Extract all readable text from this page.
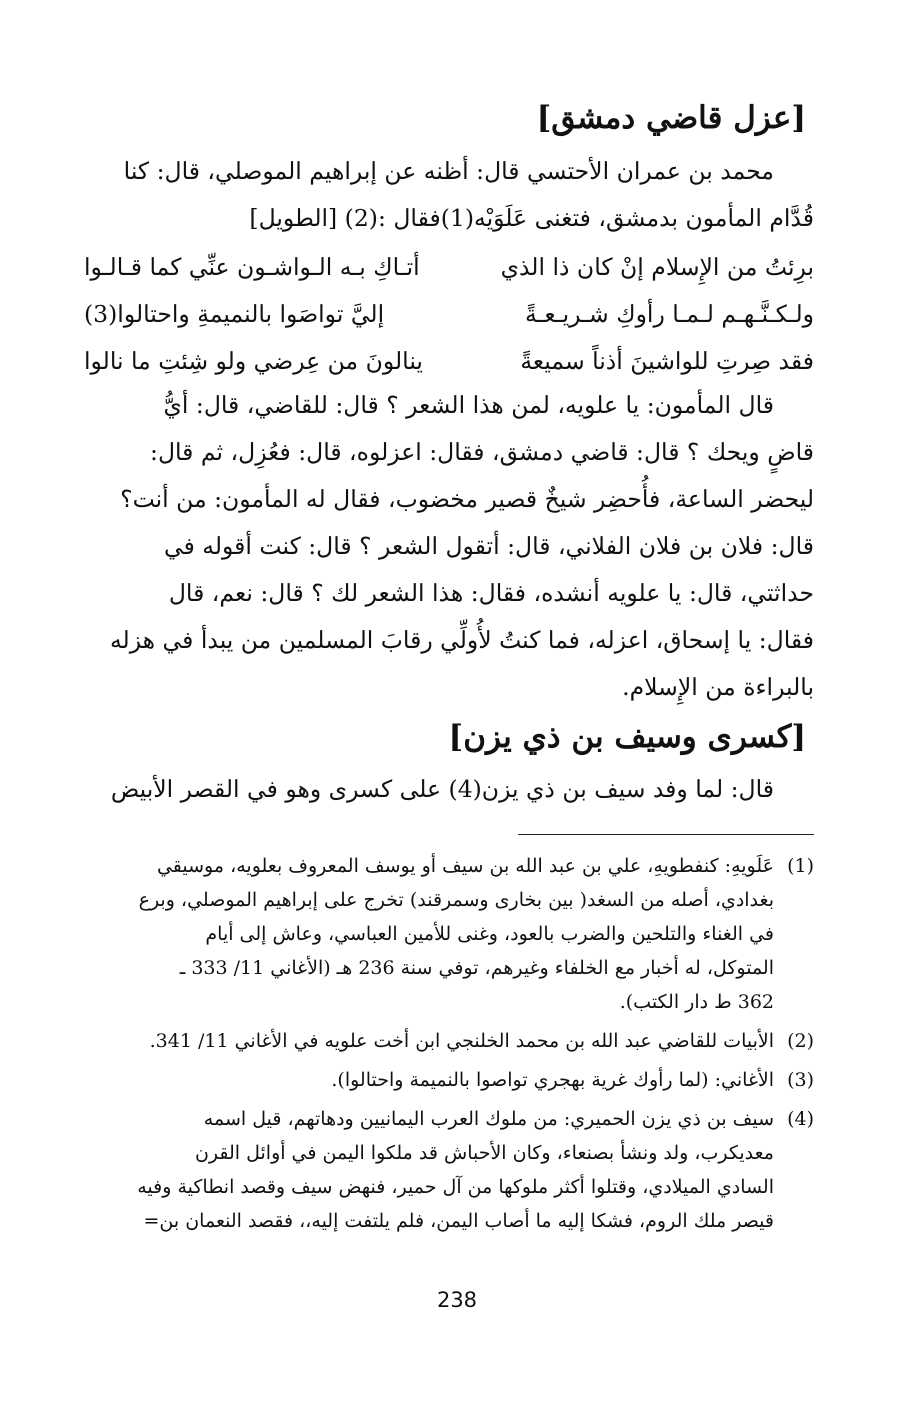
[عزل قاضي دمشق]
محمد بن عمران الأحتسي قال: أظنه عن إبراهيم الموصلي، قال: كنا
قُدَّام المأمون بدمشق، فتغنى عَلَوَيْه(1)فقال :(2) [الطويل]
برِئتُ من الإِسلام إنْ كان ذا الذي
أتـاكِ بـه الـواشـون عنِّي كما قـالـوا
ولـكـنَّـهـم لـمـا رأوكِ شـريـعـةً
إليَّ تواصَوا بالنميمةِ واحتالوا(3)
فقد صِرتِ للواشينَ أذناً سميعةً
ينالونَ من عِرضي ولو شِئتِ ما نالوا
قال المأمون: يا علويه، لمن هذا الشعر ؟ قال: للقاضي، قال: أيُّ
قاضٍ ويحك ؟ قال: قاضي دمشق، فقال: اعزلوه، قال: فعُزِل، ثم قال:
ليحضر الساعة، فأُحضِر شيخٌ قصير مخضوب، فقال له المأمون: من أنت؟
قال: فلان بن فلان الفلاني، قال: أتقول الشعر ؟ قال: كنت أقوله في
حداثتي، قال: يا علويه أنشده، فقال: هذا الشعر لك ؟ قال: نعم، قال
فقال: يا إسحاق، اعزله، فما كنتُ لأُولِّي رقابَ المسلمين من يبدأ في هزله
بالبراءة من الإِسلام.
[كسرى وسيف بن ذي يزن]
قال: لما وفد سيف بن ذي يزن(4) على كسرى وهو في القصر الأبيض
(1)
عَلَويهِ: كنفطويهِ، علي بن عبد الله بن سيف أو يوسف المعروف بعلويه، موسيقي
بغدادي، أصله من السغد( بين بخارى وسمرقند) تخرج على إبراهيم الموصلي، وبرع
في الغناء والتلحين والضرب بالعود، وغنى للأمين العباسي، وعاش إلى أيام
المتوكل، له أخبار مع الخلفاء وغيرهم، توفي سنة 236 هـ (الأغاني 11/ 333 ـ
362 ط دار الكتب).
(2)
الأبيات للقاضي عبد الله بن محمد الخلنجي ابن أخت علويه في الأغاني 11/ 341.
(3)
الأغاني: (لما رأوك غرية بهجري تواصوا بالنميمة واحتالوا).
(4)
سيف بن ذي يزن الحميري: من ملوك العرب اليمانيين ودهاتهم، قيل اسمه
معديكرب، ولد ونشأ بصنعاء، وكان الأحباش قد ملكوا اليمن في أوائل القرن
السادي الميلادي، وقتلوا أكثر ملوكها من آل حمير، فنهض سيف وقصد انطاكية وفيه
قيصر ملك الروم، فشكا إليه ما أصاب اليمن، فلم يلتفت إليه،، فقصد النعمان بن=
238
